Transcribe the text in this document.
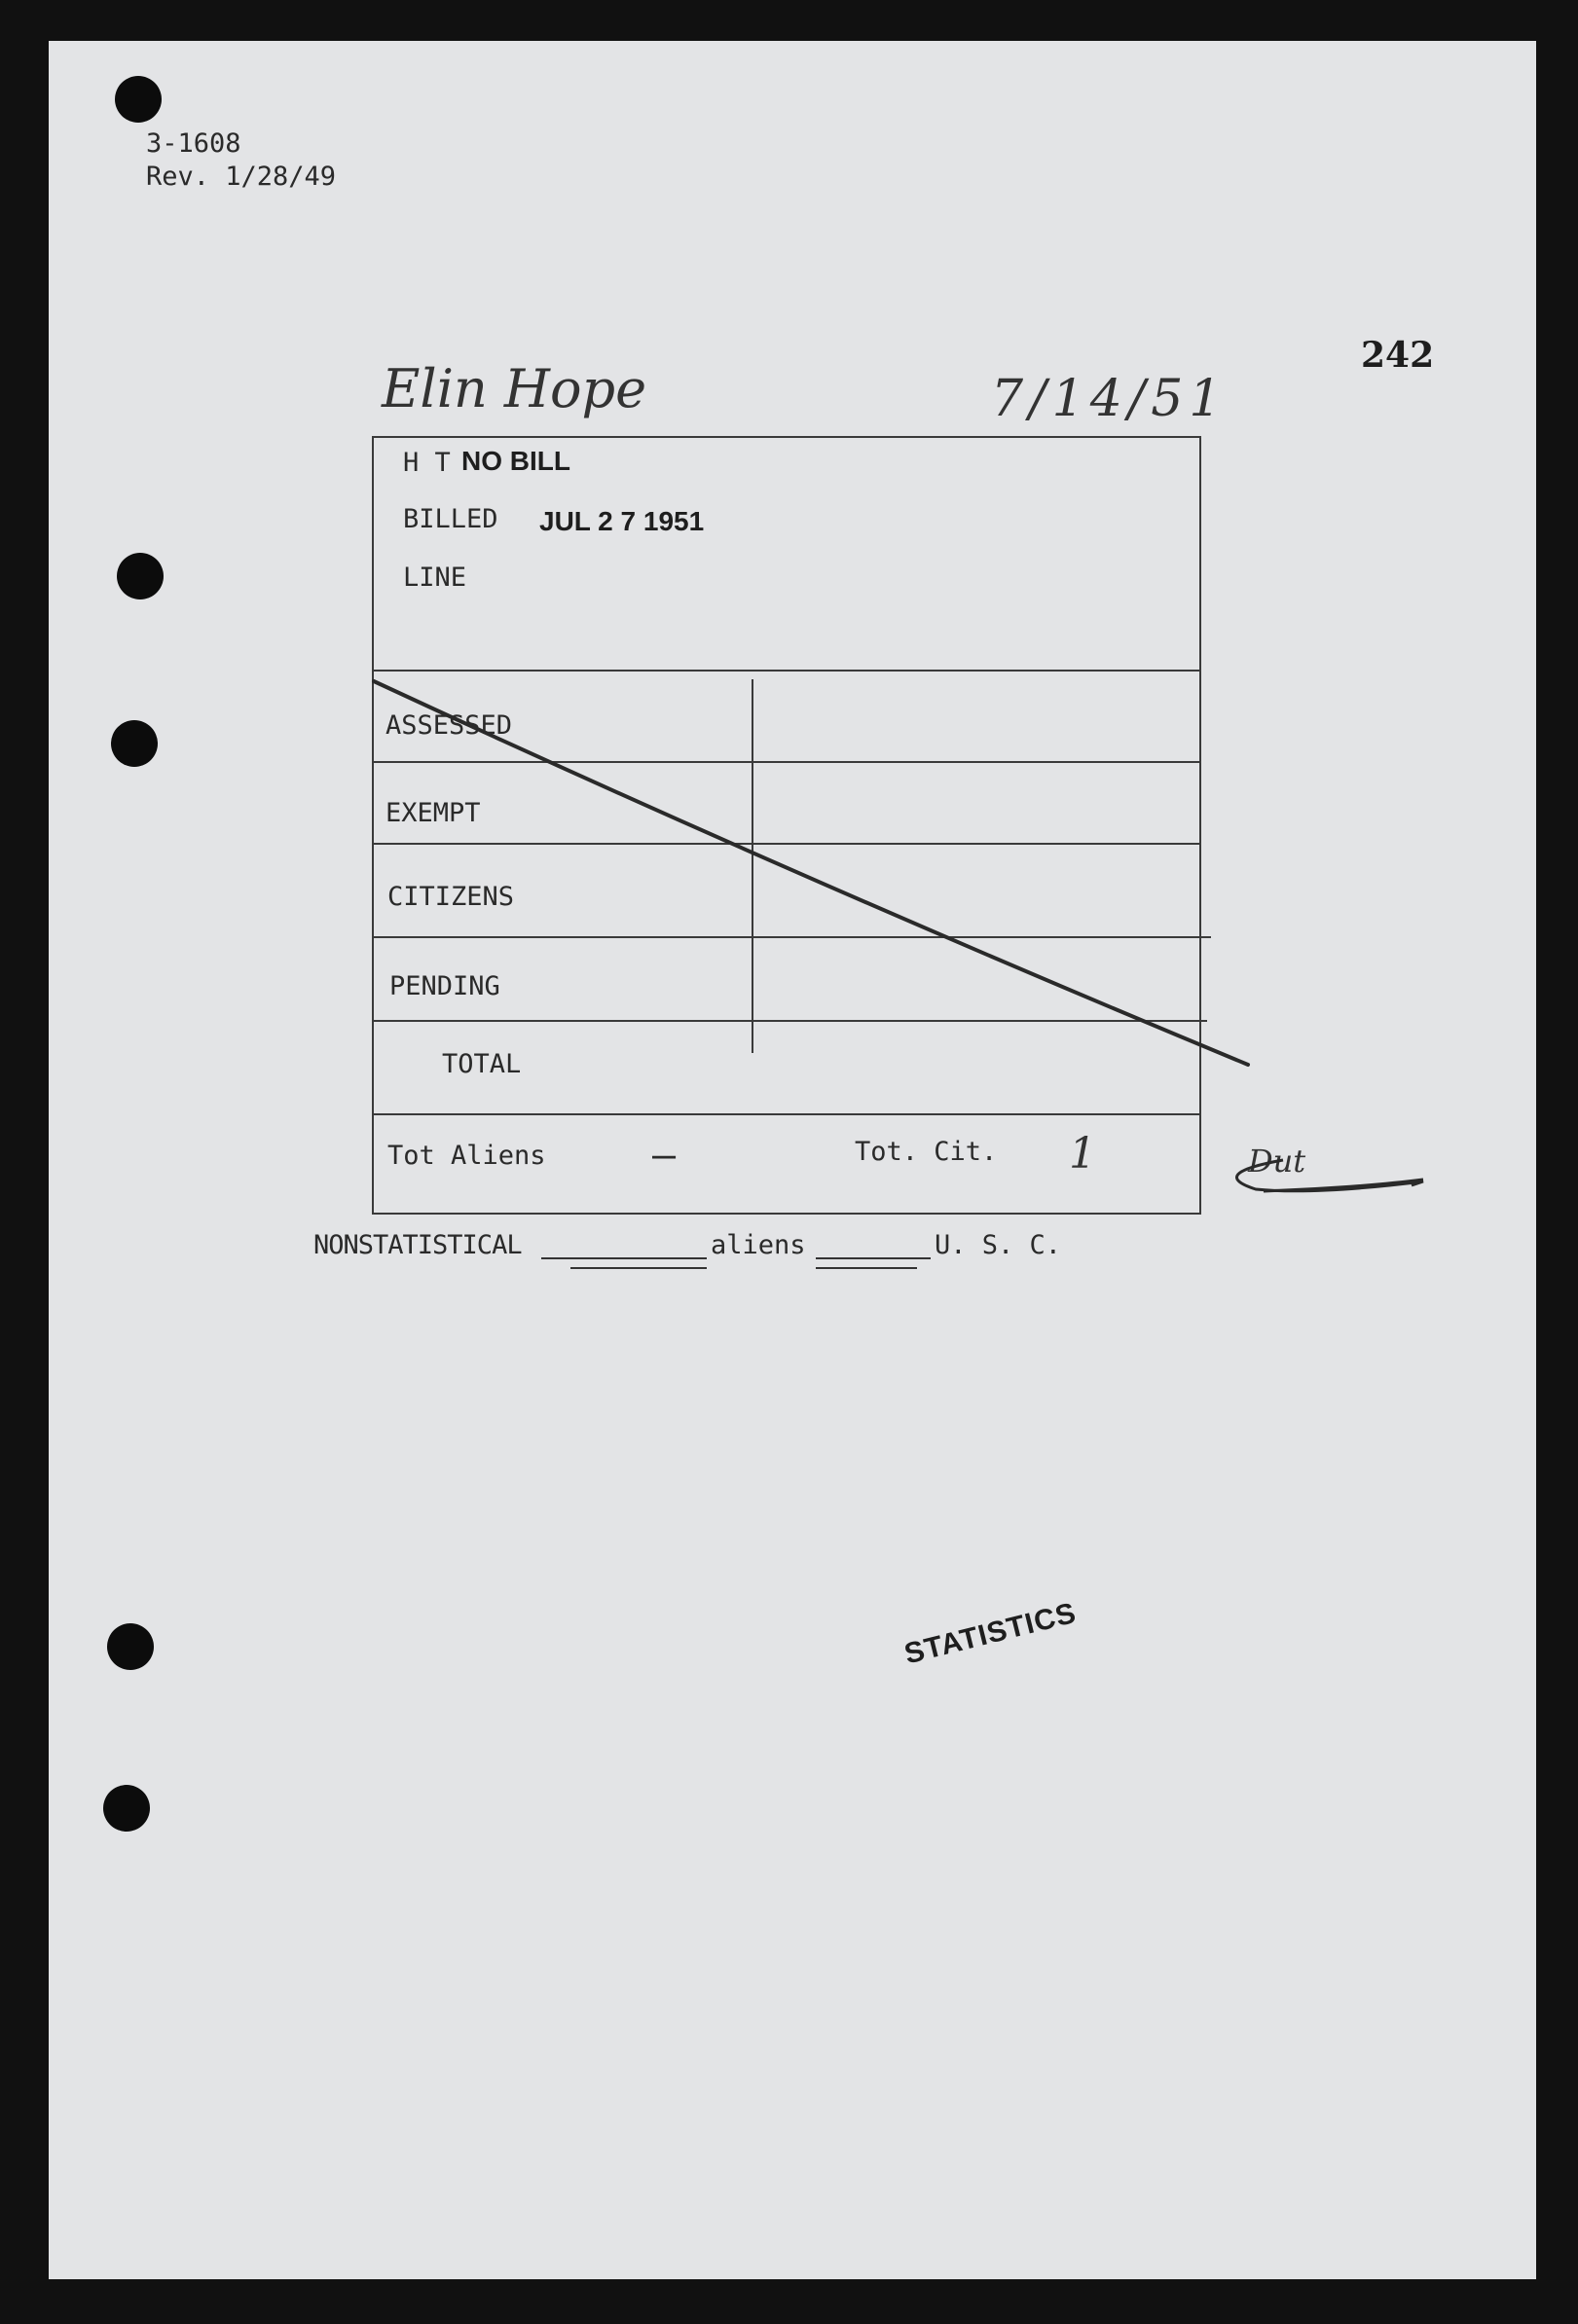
3-1608
Rev. 1/28/49
242
Elin Hope	7/14/51
H T NO BILL
BILLED JUL 2 7 1951
LINE
ASSESSED
EXEMPT
CITIZENS
PENDING
TOTAL
Tot Aliens	—	Tot. Cit. 1	Dut
NONSTATISTICAL	aliens	U. S. C.
STATISTICS
